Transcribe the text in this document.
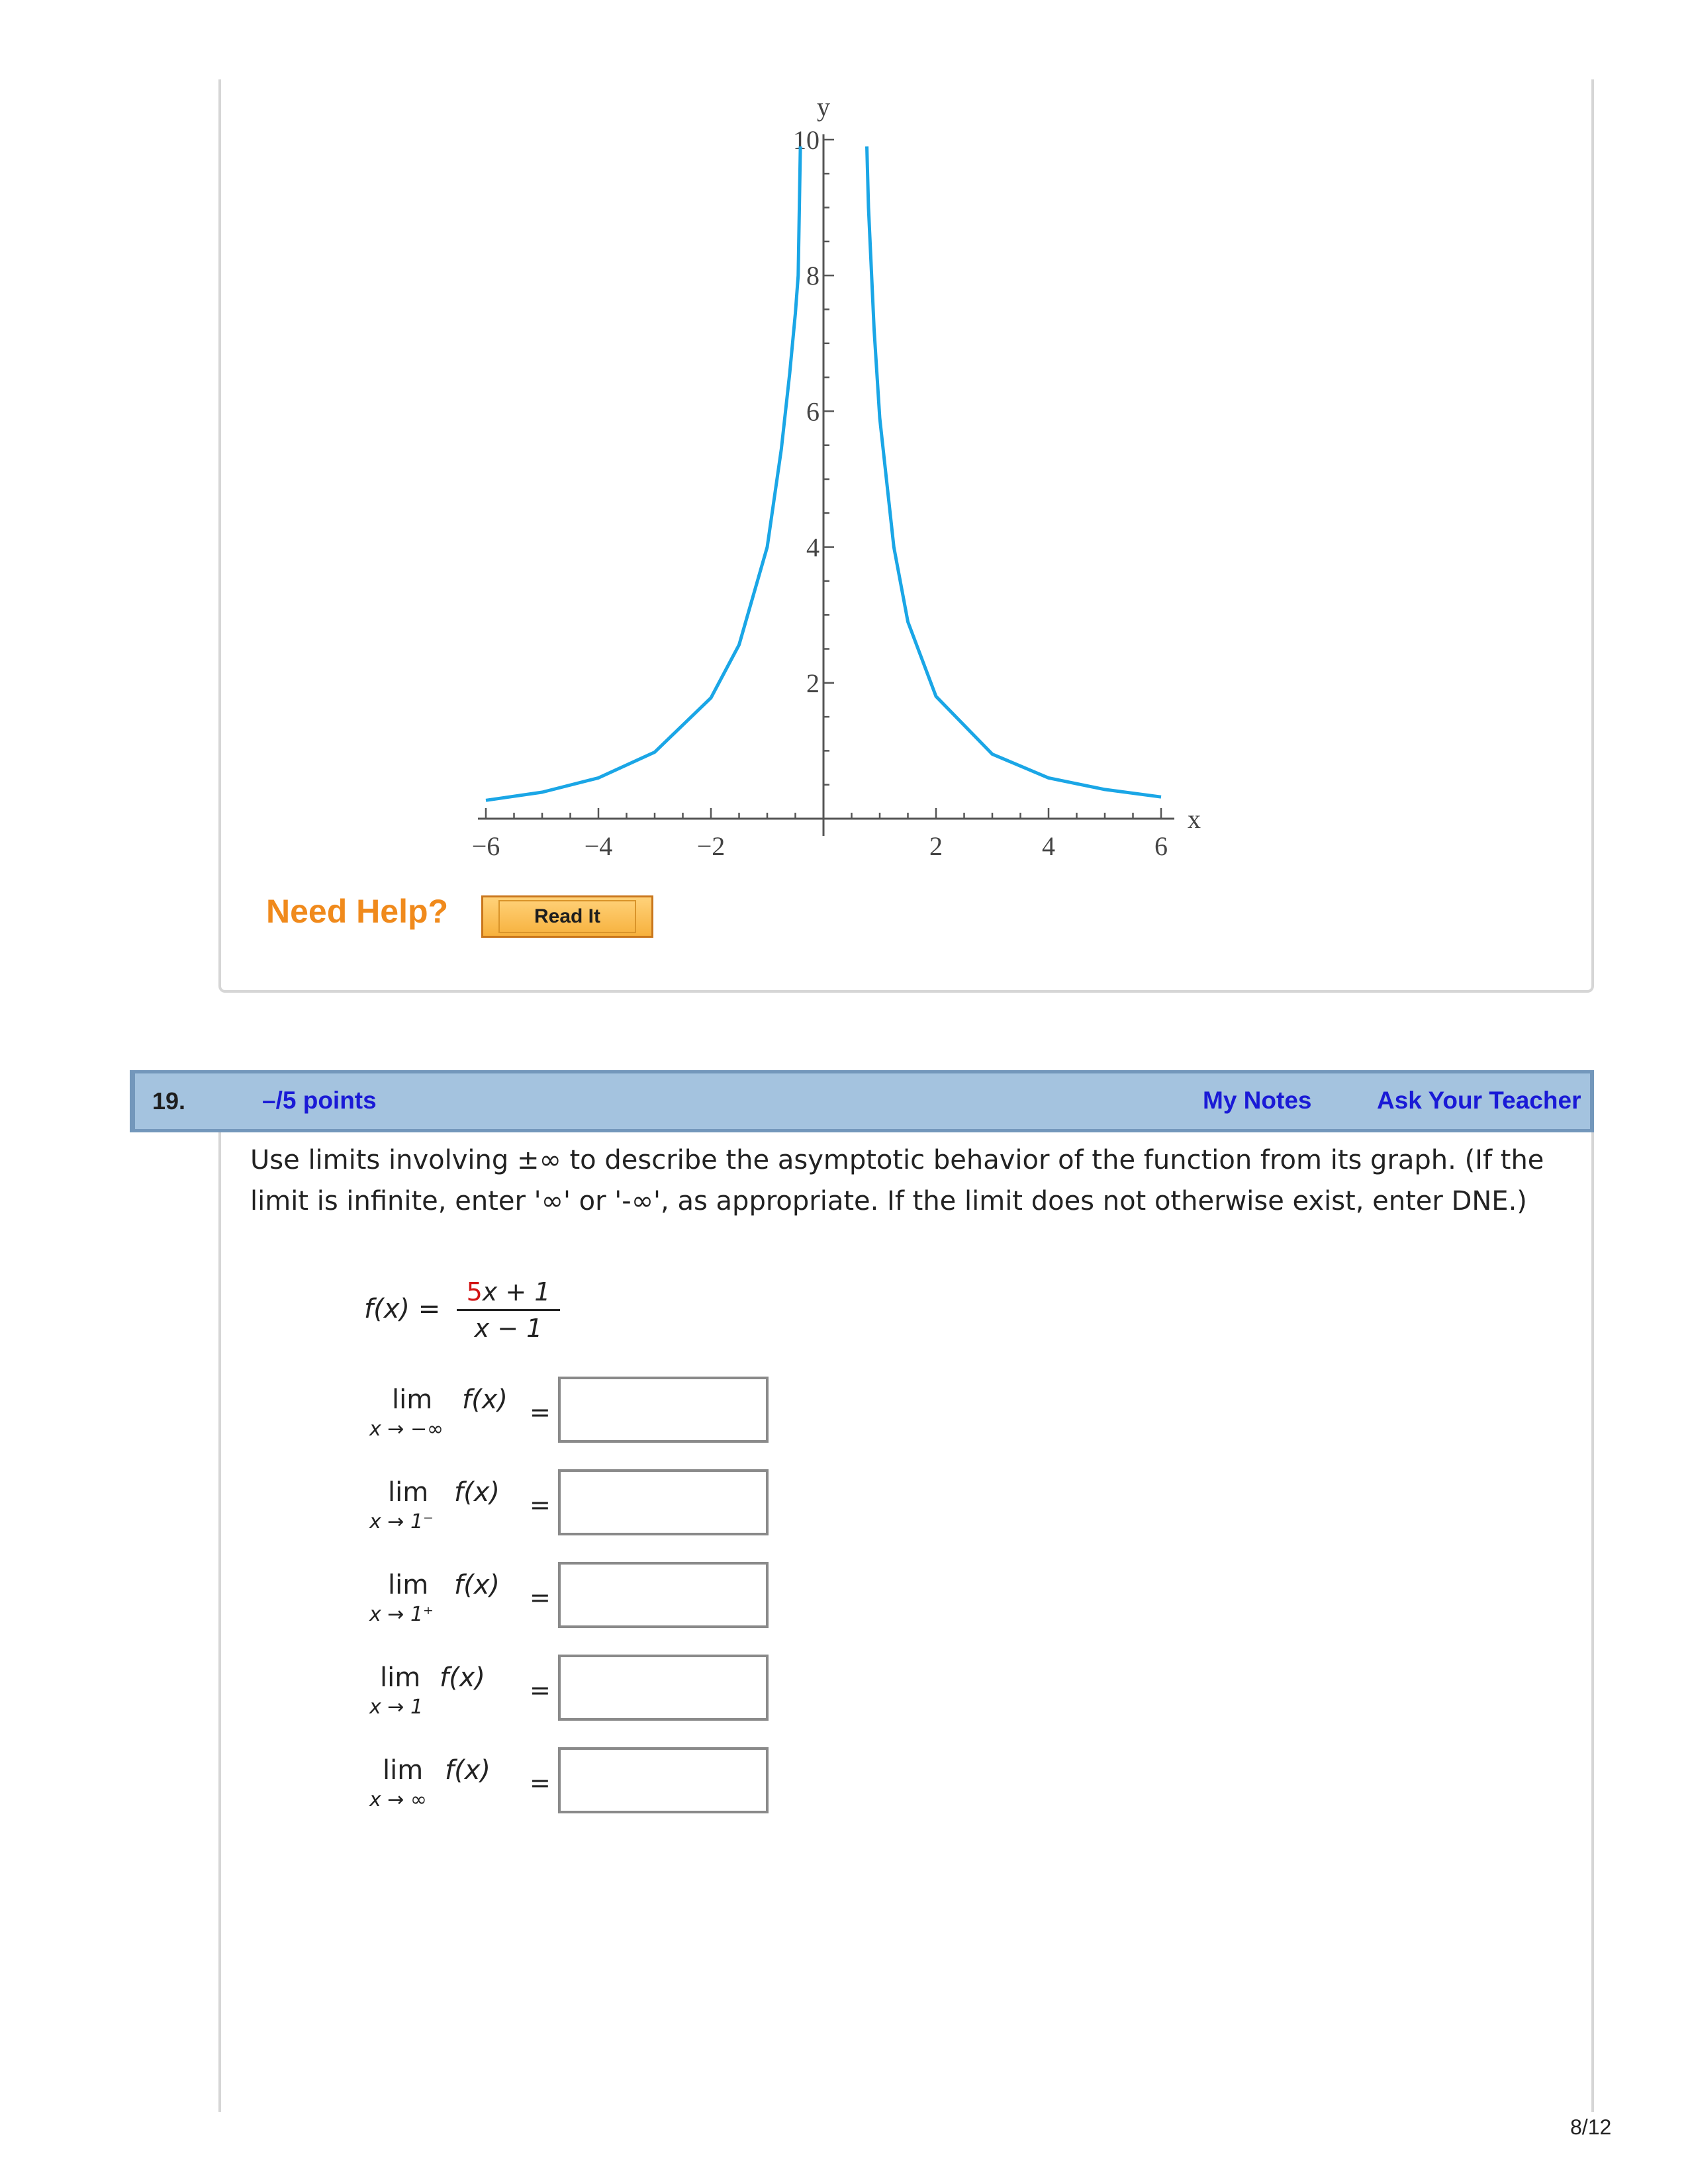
x
y
−6	−4	−2	2	4	6
2
4
6
8
10
Need Help?	Read It
19.	–/5 points	My Notes	Ask Your Teacher
Use limits involving ±∞ to describe the asymptotic behavior of the function from its graph. (If the limit is infinite, enter '∞' or '-∞', as appropriate. If the limit does not otherwise exist, enter DNE.)
$f(x) = \frac{5x + 1}{x - 1}$
lim
x → −∞
f(x) =
lim
x → 1⁻
f(x) =
lim
x → 1⁺
f(x) =
lim
x → 1
f(x) =
lim
x → ∞
f(x) =
8/12
